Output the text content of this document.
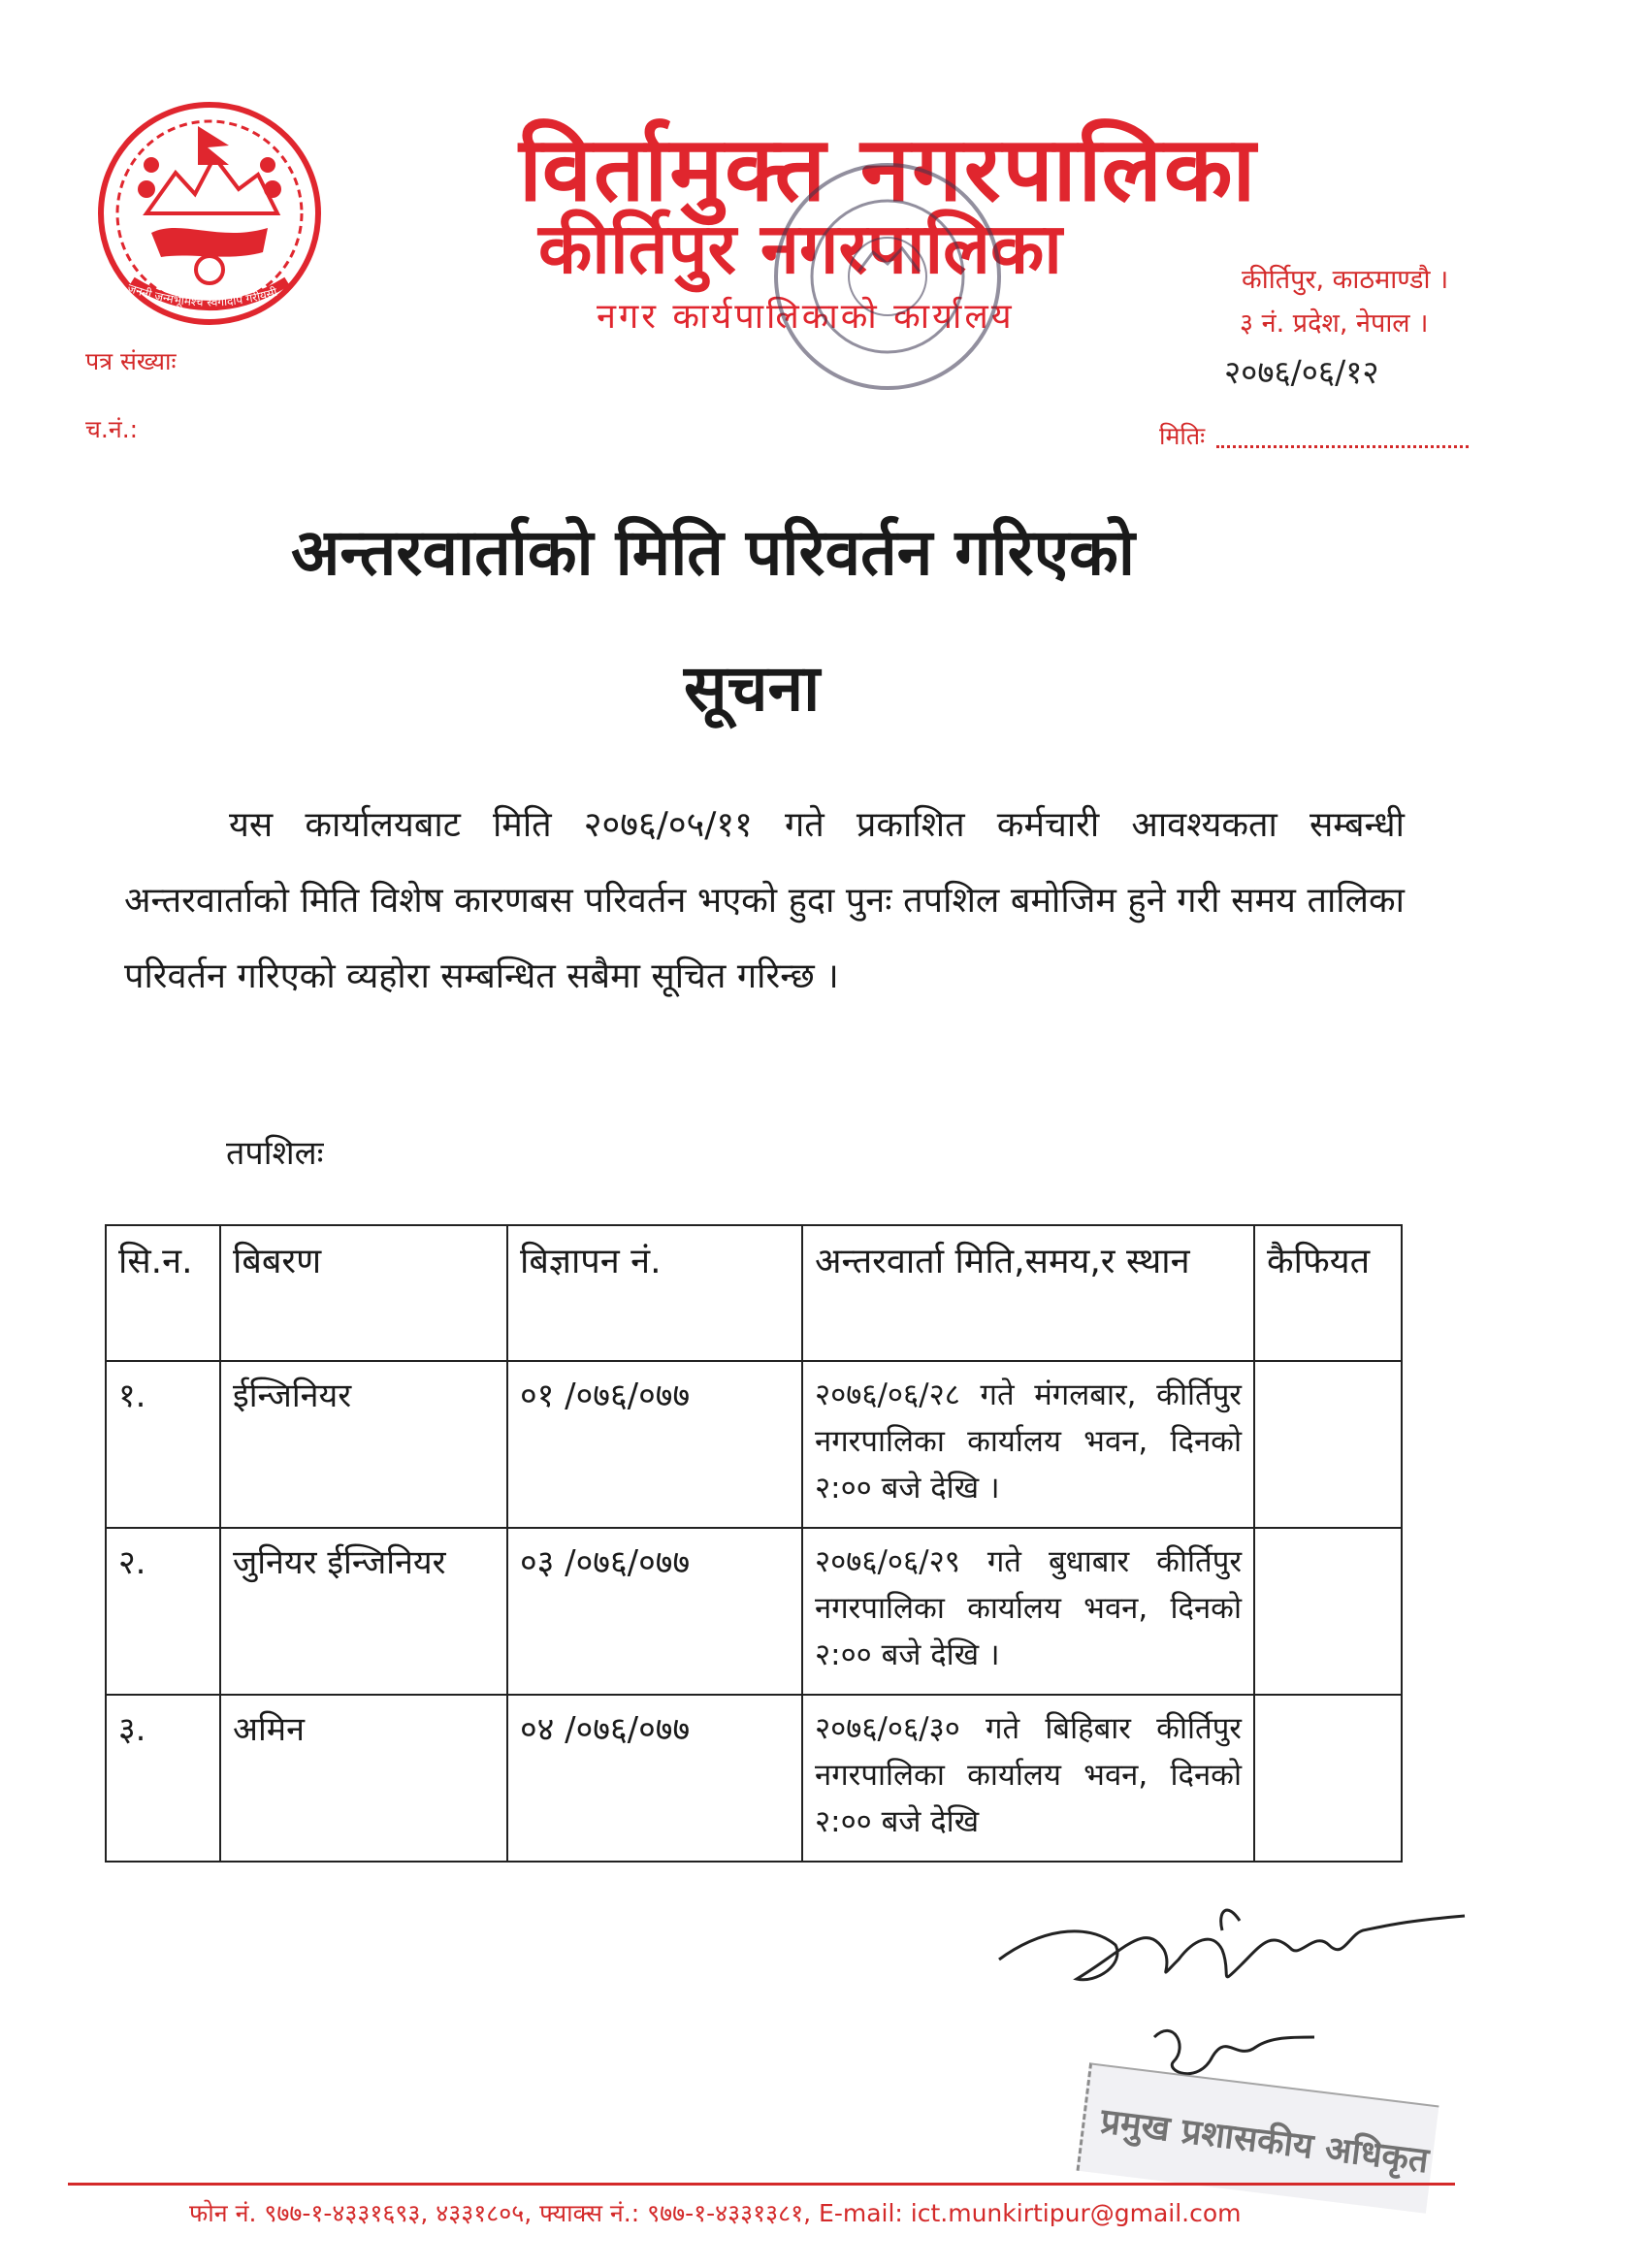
जननी जन्मभूमिश्च स्वर्गादपि गरीयसी
विर्तामुक्त नगरपालिका
कीर्तिपुर नगरपालिका
नगर कार्यपालिकाको कार्यालय
कीर्तिपुर, काठमाण्डौ ।
३ नं. प्रदेश, नेपाल ।
२०७६/०६/१२
पत्र संख्याः
च.नं.:	मितिः
अन्तरवार्ताको मिति परिवर्तन गरिएको
सूचना
यस कार्यालयबाट मिति २०७६/०५/११ गते प्रकाशित कर्मचारी आवश्यकता सम्बन्धी अन्तरवार्ताको मिति विशेष कारणबस परिवर्तन भएको हुदा पुनः तपशिल बमोजिम हुने गरी समय तालिका परिवर्तन गरिएको व्यहोरा सम्बन्धित सबैमा सूचित गरिन्छ ।
तपशिलः
सि.न.	बिबरण	बिज्ञापन नं.	अन्तरवार्ता मिति,समय,र स्थान	कैफियत
१.	ईन्जिनियर	०१ /०७६/०७७	२०७६/०६/२८ गते मंगलबार, कीर्तिपुर नगरपालिका कार्यालय भवन, दिनको २:०० बजे देखि ।	
२.	जुनियर ईन्जिनियर	०३ /०७६/०७७	२०७६/०६/२९ गते बुधाबार कीर्तिपुर नगरपालिका कार्यालय भवन, दिनको २:०० बजे देखि ।	
३.	अमिन	०४ /०७६/०७७	२०७६/०६/३० गते बिहिबार कीर्तिपुर नगरपालिका कार्यालय भवन, दिनको २:०० बजे देखि	
प्रमुख प्रशासकीय अधिकृत
फोन नं. ९७७-१-४३३१६९३, ४३३१८०५, फ्याक्स नं.: ९७७-१-४३३१३८१, E-mail: ict.munkirtipur@gmail.com
